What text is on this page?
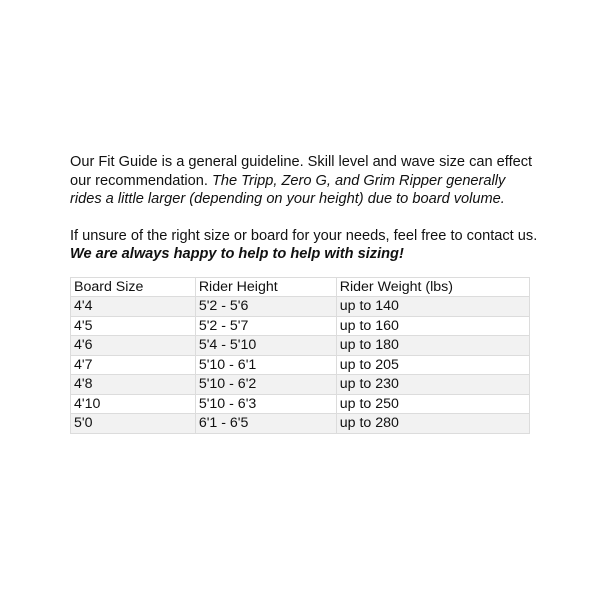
Our Fit Guide is a general guideline. Skill level and wave size can effect our recommendation. The Tripp, Zero G, and Grim Ripper generally rides a little larger (depending on your height) due to board volume.

If unsure of the right size or board for your needs, feel free to contact us. We are always happy to help to help with sizing!

Board Size	Rider Height	Rider Weight (lbs)
4'4	5'2 - 5'6	up to 140
4'5	5'2 - 5'7	up to 160
4'6	5'4 - 5'10	up to 180
4'7	5'10 - 6'1	up to 205
4'8	5'10 - 6'2	up to 230
4'10	5'10 - 6'3	up to 250
5'0	6'1 - 6'5	up to 280
